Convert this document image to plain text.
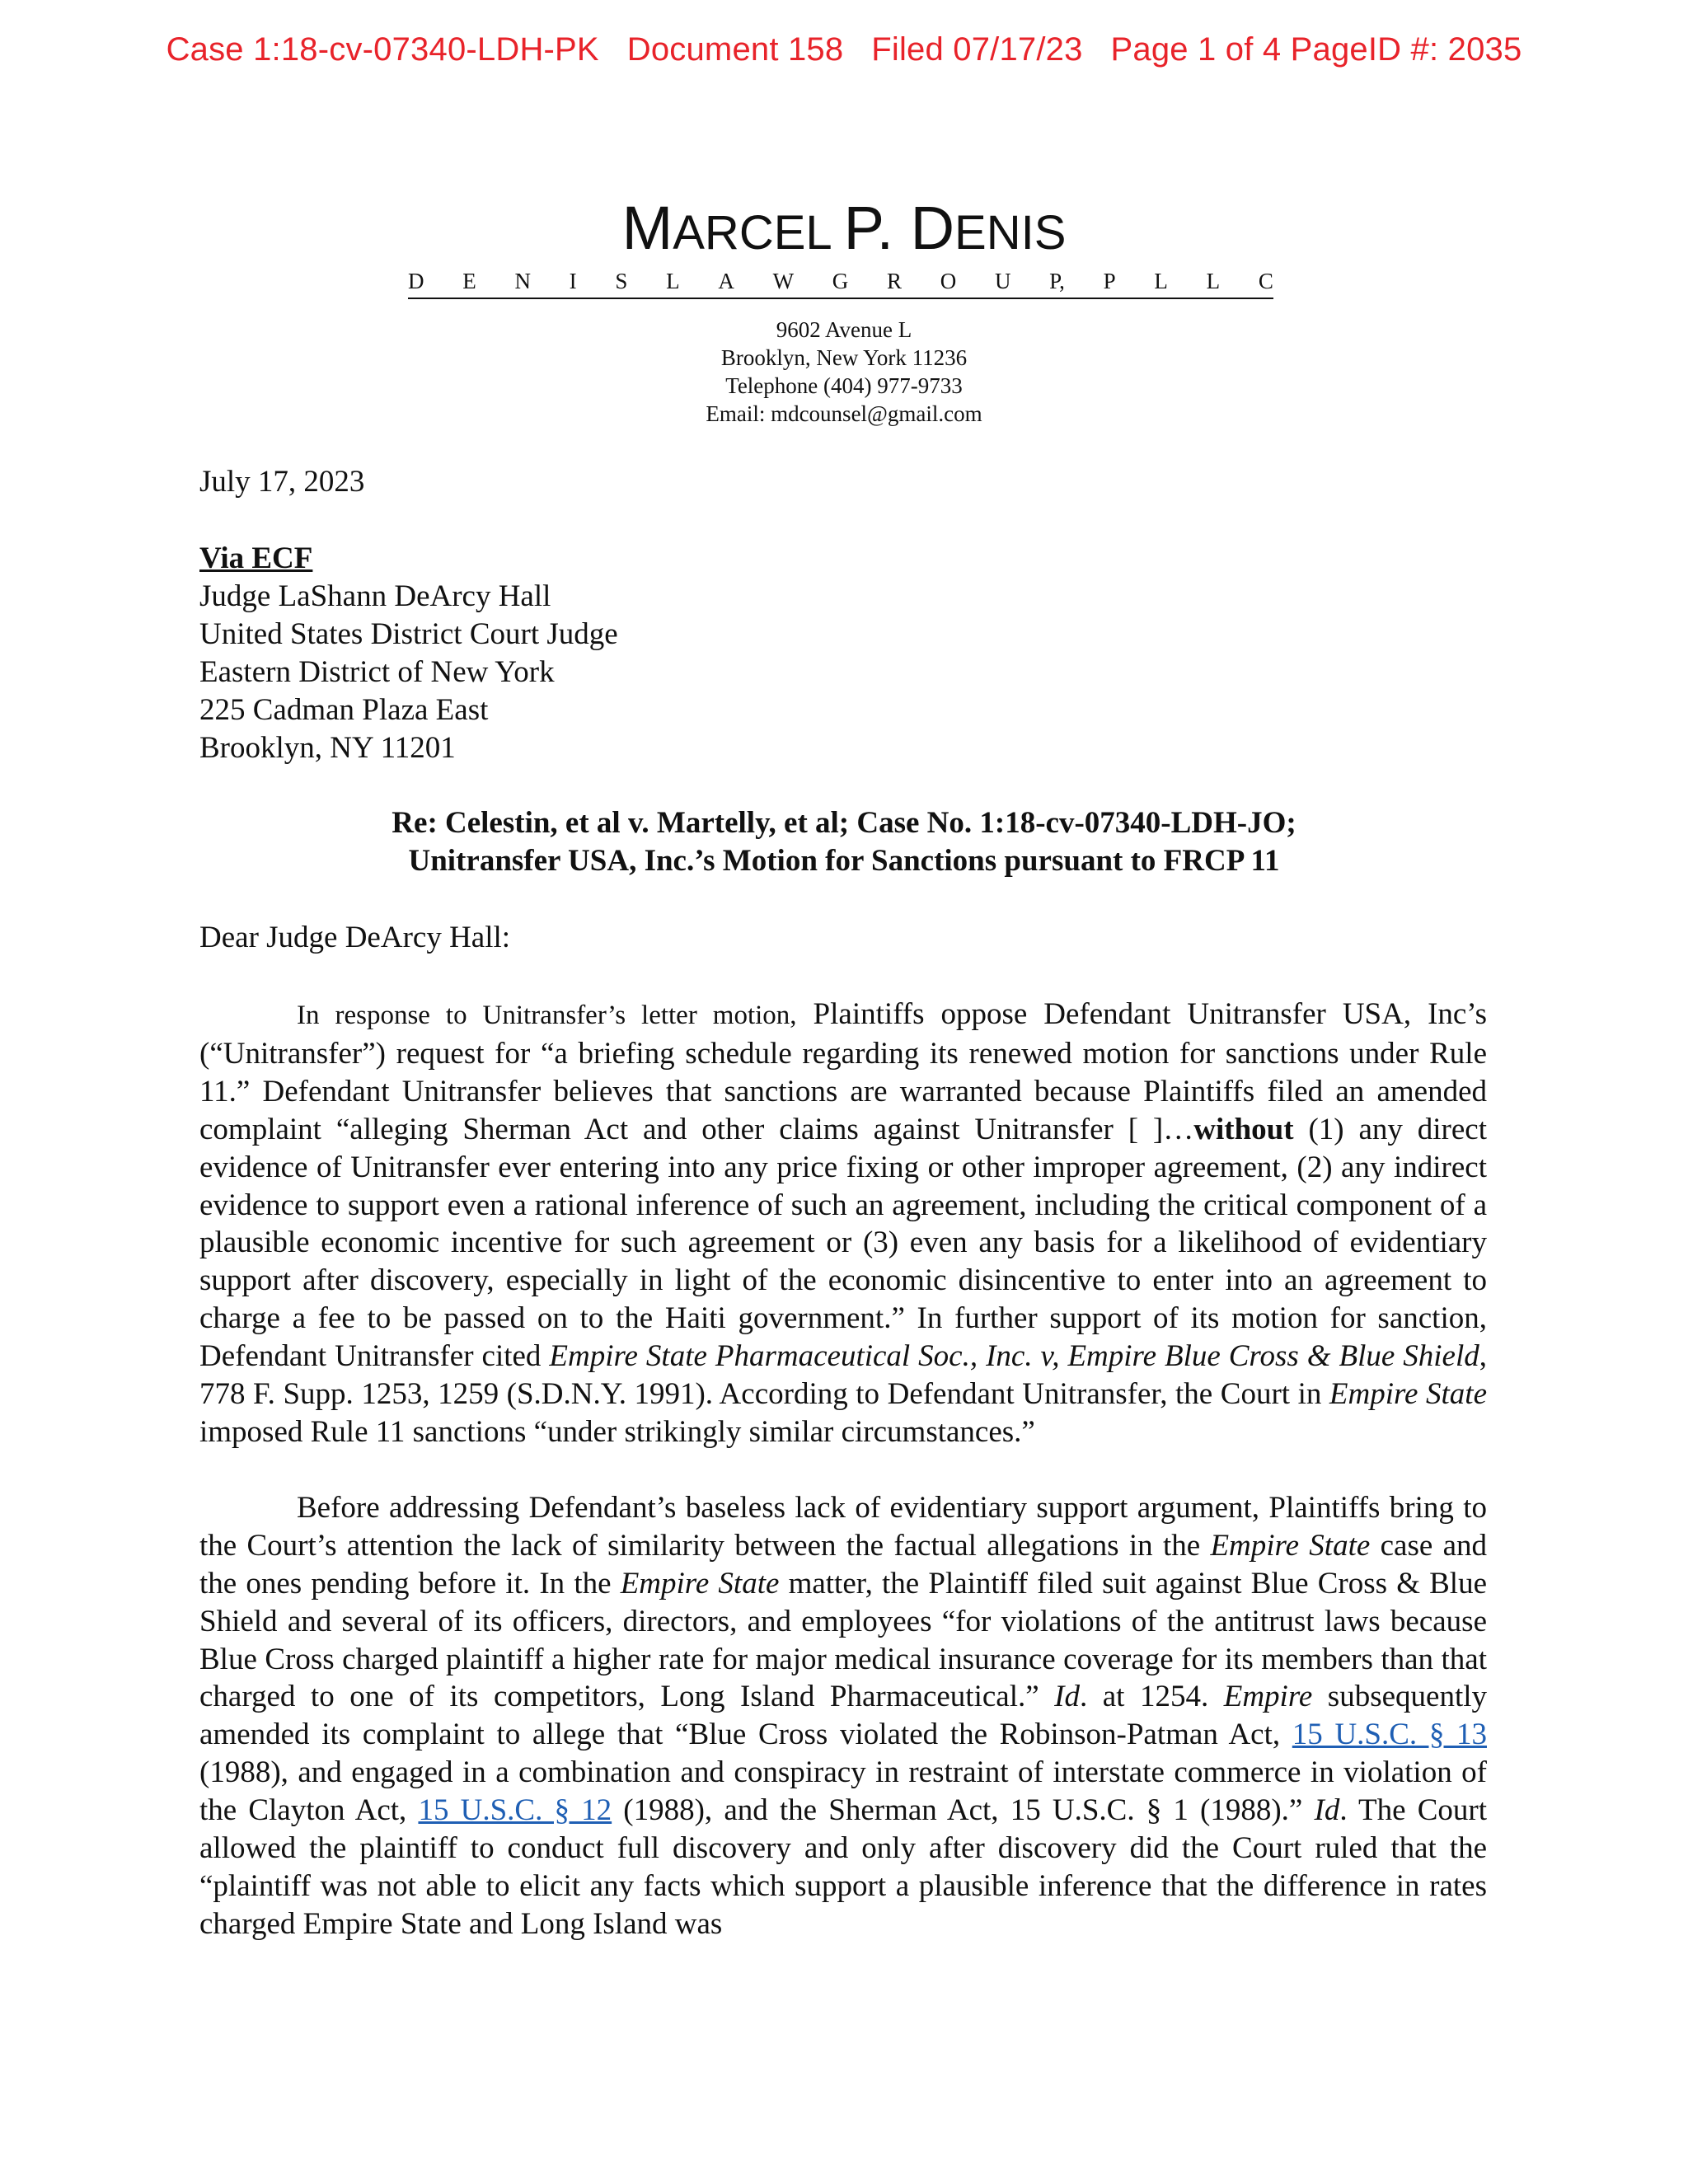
Case 1:18-cv-07340-LDH-PK   Document 158   Filed 07/17/23   Page 1 of 4 PageID #: 2035
MARCEL P. DENIS
D E N I S L A W G R O U P, P L L C
9602 Avenue L
Brooklyn, New York 11236
Telephone (404) 977-9733
Email: mdcounsel@gmail.com
July 17, 2023
Via ECF
Judge LaShann DeArcy Hall
United States District Court Judge
Eastern District of New York
225 Cadman Plaza East
Brooklyn, NY 11201
Re: Celestin, et al v. Martelly, et al; Case No. 1:18-cv-07340-LDH-JO;
Unitransfer USA, Inc.’s Motion for Sanctions pursuant to FRCP 11
Dear Judge DeArcy Hall:

In response to Unitransfer’s letter motion, Plaintiffs oppose Defendant Unitransfer USA, Inc’s (“Unitransfer”) request for “a briefing schedule regarding its renewed motion for sanctions under Rule 11.” Defendant Unitransfer believes that sanctions are warranted because Plaintiffs filed an amended complaint “alleging Sherman Act and other claims against Unitransfer [ ]…without (1) any direct evidence of Unitransfer ever entering into any price fixing or other improper agreement, (2) any indirect evidence to support even a rational inference of such an agreement, including the critical component of a plausible economic incentive for such agreement or (3) even any basis for a likelihood of evidentiary support after discovery, especially in light of the economic disincentive to enter into an agreement to charge a fee to be passed on to the Haiti government.” In further support of its motion for sanction, Defendant Unitransfer cited Empire State Pharmaceutical Soc., Inc. v, Empire Blue Cross & Blue Shield, 778 F. Supp. 1253, 1259 (S.D.N.Y. 1991). According to Defendant Unitransfer, the Court in Empire State imposed Rule 11 sanctions “under strikingly similar circumstances.”

Before addressing Defendant’s baseless lack of evidentiary support argument, Plaintiffs bring to the Court’s attention the lack of similarity between the factual allegations in the Empire State case and the ones pending before it. In the Empire State matter, the Plaintiff filed suit against Blue Cross & Blue Shield and several of its officers, directors, and employees “for violations of the antitrust laws because Blue Cross charged plaintiff a higher rate for major medical insurance coverage for its members than that charged to one of its competitors, Long Island Pharmaceutical.” Id. at 1254. Empire subsequently amended its complaint to allege that “Blue Cross violated the Robinson-Patman Act, 15 U.S.C. § 13 (1988), and engaged in a combination and conspiracy in restraint of interstate commerce in violation of the Clayton Act, 15 U.S.C. § 12 (1988), and the Sherman Act, 15 U.S.C. § 1 (1988).” Id. The Court allowed the plaintiff to conduct full discovery and only after discovery did the Court ruled that the “plaintiff was not able to elicit any facts which support a plausible inference that the difference in rates charged Empire State and Long Island was
